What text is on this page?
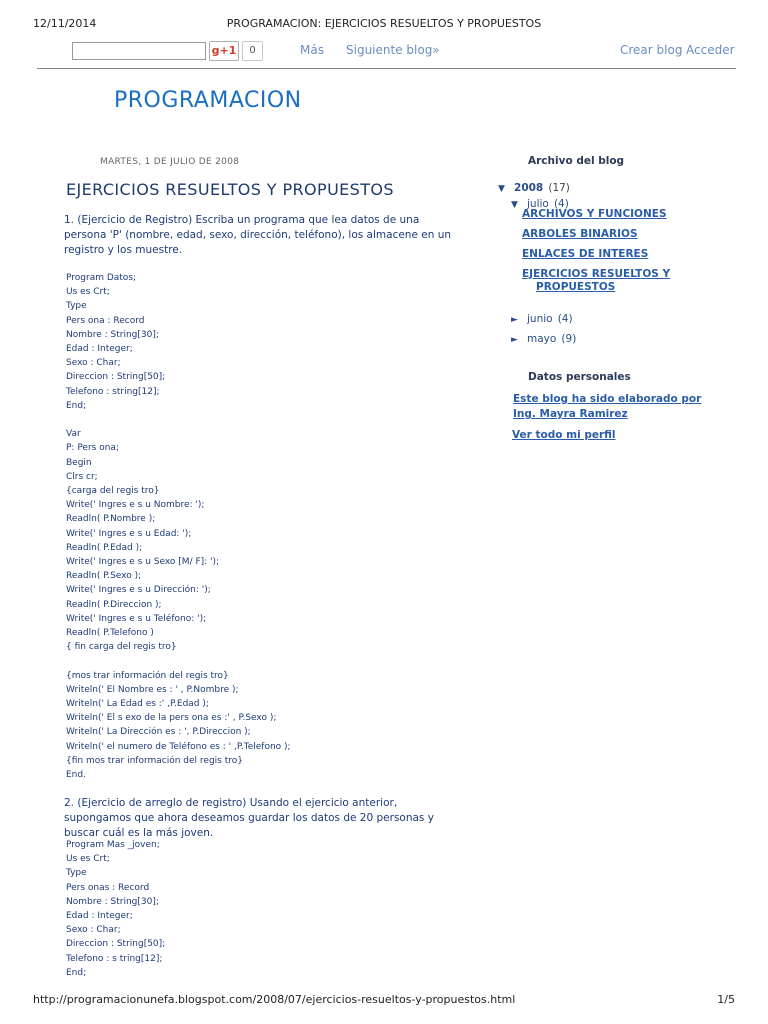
12/11/2014	PROGRAMACION: EJERCICIOS RESUELTOS Y PROPUESTOS
http://programacionunefa.blogspot.com/2008/07/ejercicios-resueltos-y-propuestos.html	1/5
g+1	0	Más Siguiente blog»	Crear blog Acceder
PROGRAMACION
MARTES, 1 DE JULIO DE 2008
EJERCICIOS RESUELTOS Y PROPUESTOS
1. (Ejercicio de Registro) Escriba un programa que lea datos de una persona 'P' (nombre, edad, sexo, dirección, teléfono), los almacene en un registro y los muestre.
Program Datos;
Us es Crt;
Type
Pers ona : Record
Nombre : String[30];
Edad : Integer;
Sexo : Char;
Direccion : String[50];
Telefono : string[12];
End;
Var
P: Pers ona;
Begin
Clrs cr;
{carga del regis tro}
Write(' Ingres e s u Nombre: ');
Readln( P.Nombre );
Write(' Ingres e s u Edad: ');
Readln( P.Edad );
Write(' Ingres e s u Sexo [M/ F]: ');
Readln( P.Sexo );
Write(' Ingres e s u Dirección: ');
Readln( P.Direccion );
Write(' Ingres e s u Teléfono: ');
Readln( P.Telefono )
{ fin carga del regis tro}
{mos trar información del regis tro}
Writeln(' El Nombre es : ' , P.Nombre );
Writeln(' La Edad es :' ,P.Edad );
Writeln(' El s exo de la pers ona es :' , P.Sexo );
Writeln(' La Dirección es : ', P.Direccion );
Writeln(' el numero de Teléfono es : ' ,P.Telefono );
{fin mos trar información del regis tro}
End.
2. (Ejercicio de arreglo de registro) Usando el ejercicio anterior, supongamos que ahora deseamos guardar los datos de 20 personas y buscar cuál es la más joven.
Program Mas _joven;
Us es Crt;
Type
Pers onas : Record
Nombre : String[30];
Edad : Integer;
Sexo : Char;
Direccion : String[50];
Telefono : s tring[12];
End;
Archivo del blog
▼ 2008 (17)
▼ julio (4)
ARCHIVOS Y FUNCIONES
ARBOLES BINARIOS
ENLACES DE INTERES
EJERCICIOS RESUELTOS Y PROPUESTOS
► junio (4)
► mayo (9)
Datos personales
Este blog ha sido elaborado por Ing. Mayra Ramirez
Ver todo mi perfil
